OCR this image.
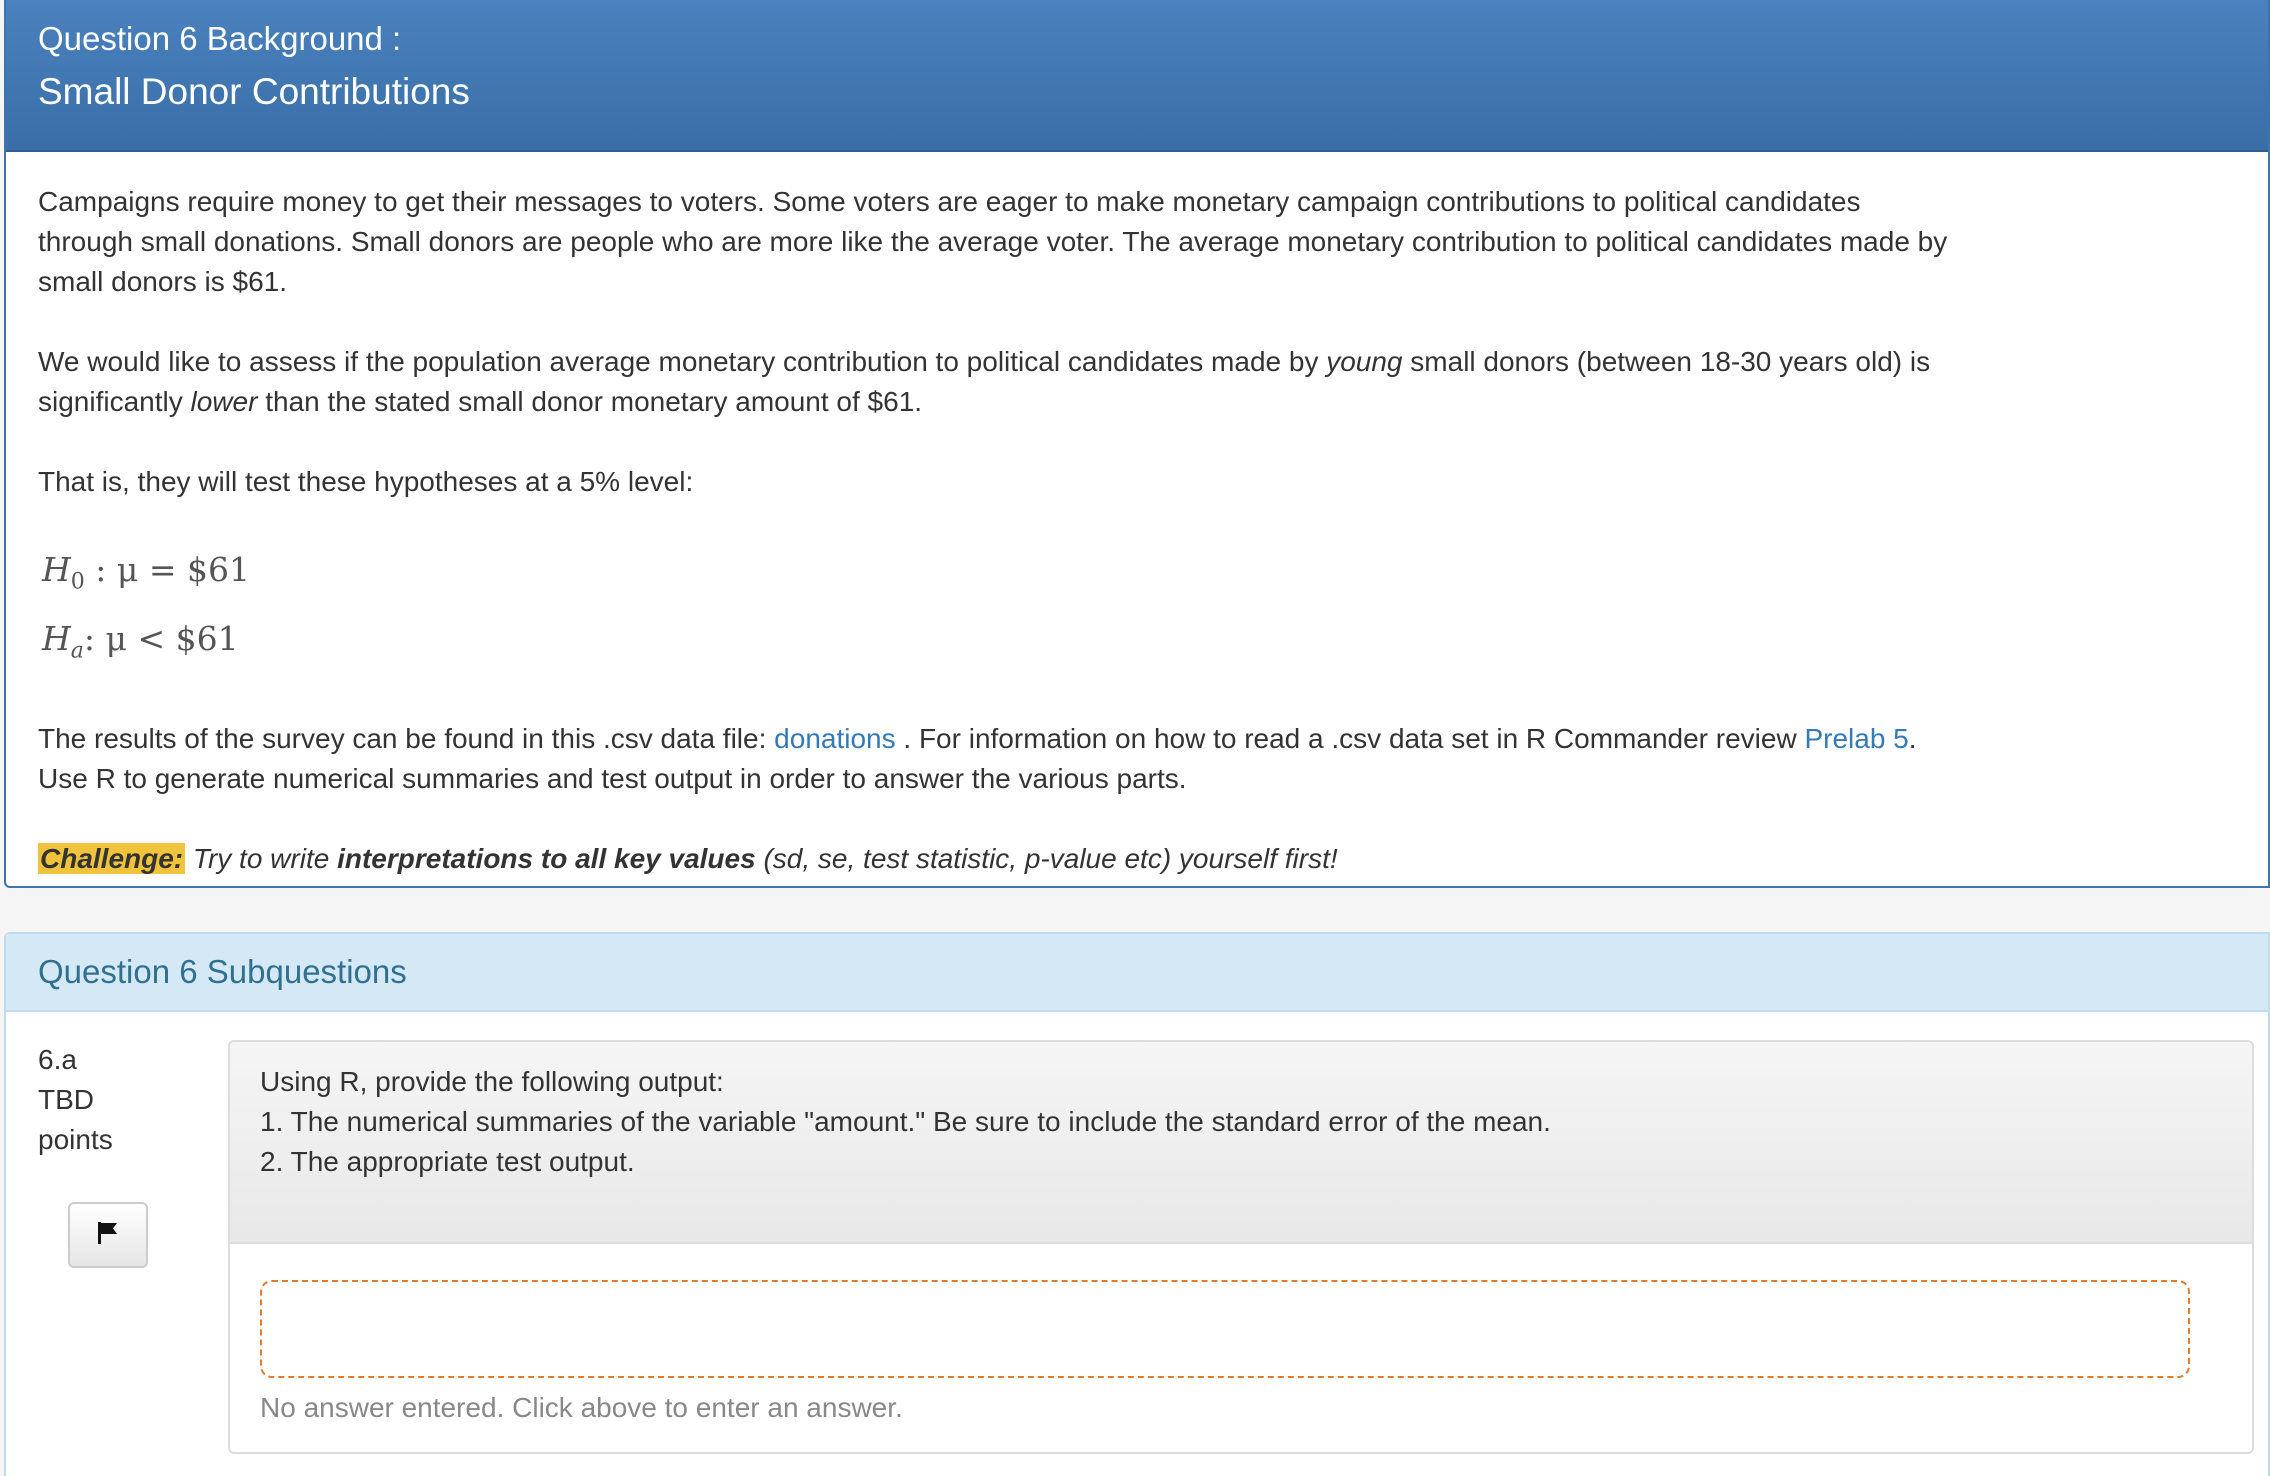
Question 6 Background :
Small Donor Contributions

Campaigns require money to get their messages to voters. Some voters are eager to make monetary campaign contributions to political candidates through small donations. Small donors are people who are more like the average voter. The average monetary contribution to political candidates made by small donors is $61.

We would like to assess if the population average monetary contribution to political candidates made by young small donors (between 18-30 years old) is significantly lower than the stated small donor monetary amount of $61.

That is, they will test these hypotheses at a 5% level:

$H_0$ : μ = $61
$H_a$: μ < $61

The results of the survey can be found in this .csv data file: donations . For information on how to read a .csv data set in R Commander review Prelab 5. Use R to generate numerical summaries and test output in order to answer the various parts.

Challenge: Try to write interpretations to all key values (sd, se, test statistic, p-value etc) yourself first!

Question 6 Subquestions
6.a
TBD
points
Using R, provide the following output:
1. The numerical summaries of the variable "amount." Be sure to include the standard error of the mean.
2. The appropriate test output.
No answer entered. Click above to enter an answer.
